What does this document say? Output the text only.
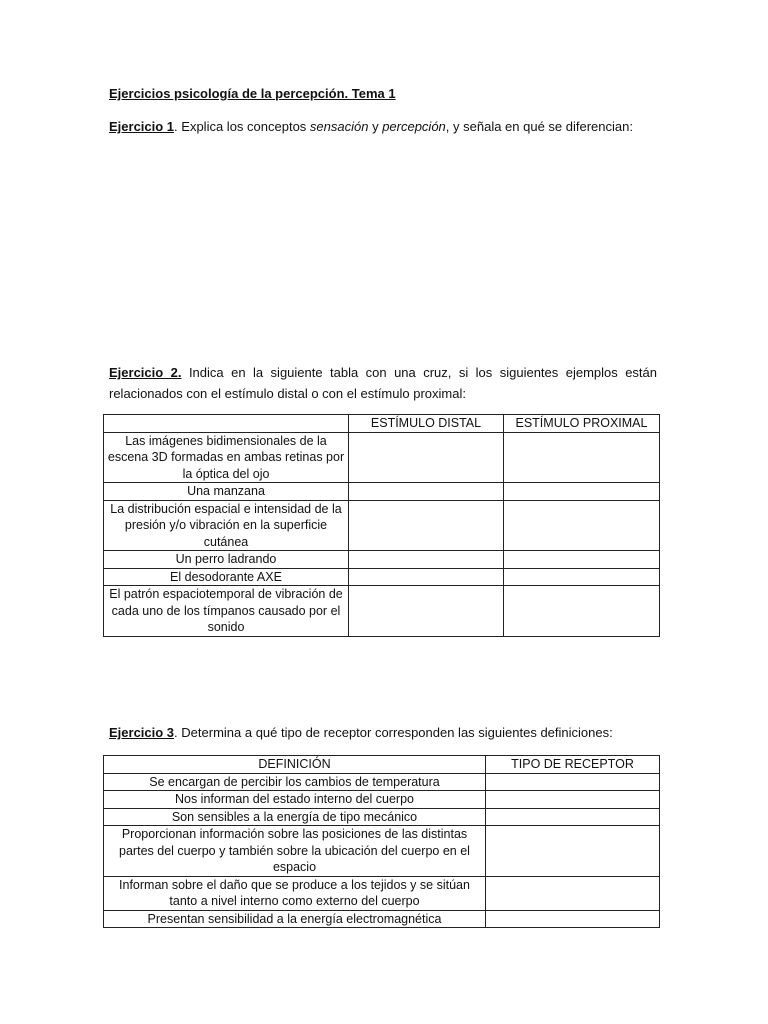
Ejercicios psicología de la percepción. Tema 1
Ejercicio 1. Explica los conceptos sensación y percepción, y señala en qué se diferencian:
Ejercicio 2. Indica en la siguiente tabla con una cruz, si los siguientes ejemplos están relacionados con el estímulo distal o con el estímulo proximal:
	ESTÍMULO DISTAL	ESTÍMULO PROXIMAL
Las imágenes bidimensionales de la escena 3D formadas en ambas retinas por la óptica del ojo		
Una manzana		
La distribución espacial e intensidad de la presión y/o vibración en la superficie cutánea		
Un perro ladrando		
El desodorante AXE		
El patrón espaciotemporal de vibración de cada uno de los tímpanos causado por el sonido		
Ejercicio 3. Determina a qué tipo de receptor corresponden las siguientes definiciones:
DEFINICIÓN	TIPO DE RECEPTOR
Se encargan de percibir los cambios de temperatura	
Nos informan del estado interno del cuerpo	
Son sensibles a la energía de tipo mecánico	
Proporcionan información sobre las posiciones de las distintas partes del cuerpo y también sobre la ubicación del cuerpo en el espacio	
Informan sobre el daño que se produce a los tejidos y se sitúan tanto a nivel interno como externo del cuerpo	
Presentan sensibilidad a la energía electromagnética	
